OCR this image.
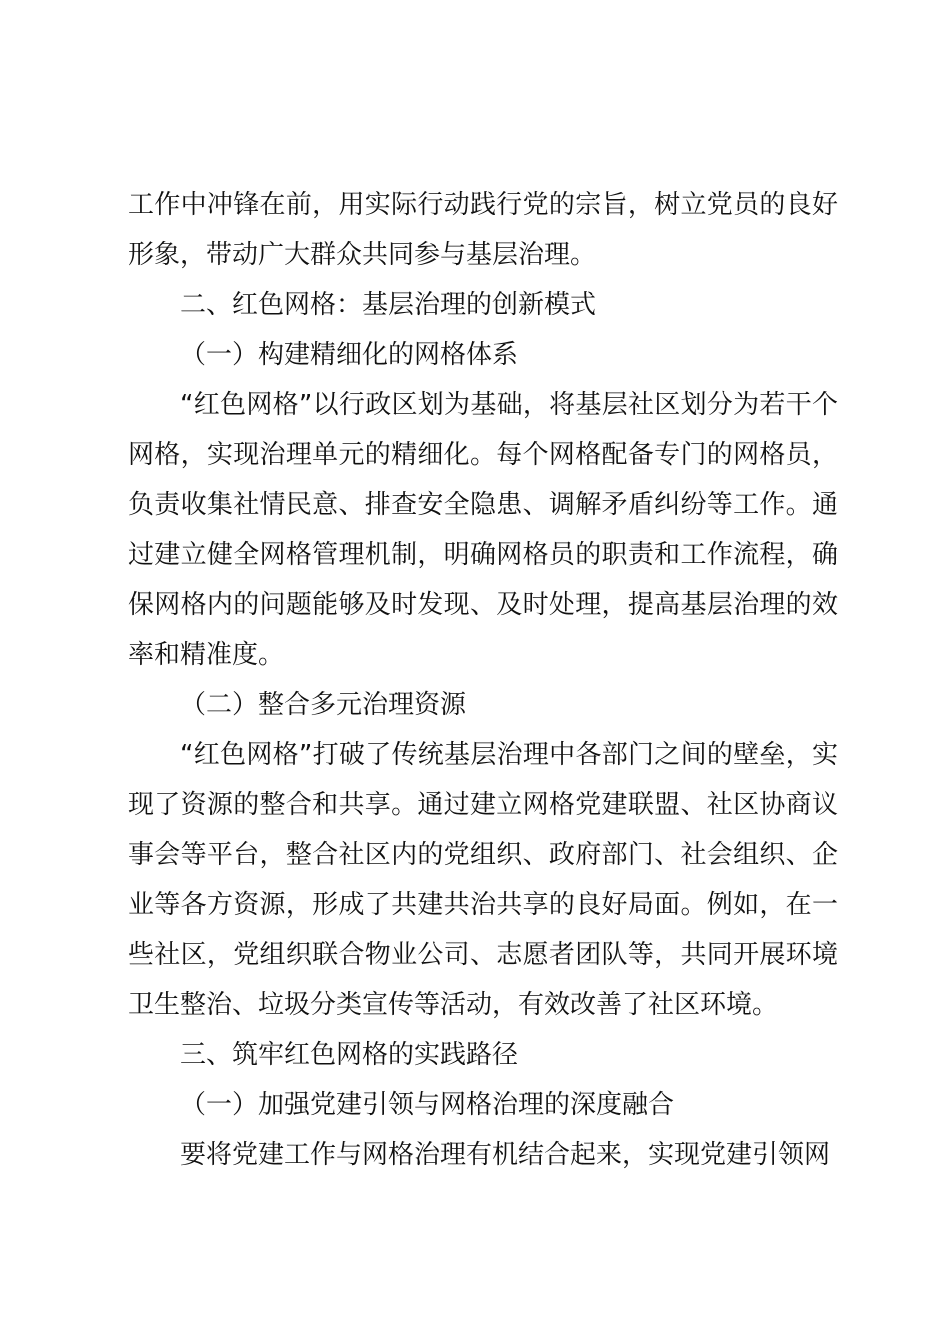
工作中冲锋在前，用实际行动践行党的宗旨，树立党员的良好形象，带动广大群众共同参与基层治理。

二、红色网格：基层治理的创新模式

（一）构建精细化的网格体系

“红色网格”以行政区划为基础，将基层社区划分为若干个网格，实现治理单元的精细化。每个网格配备专门的网格员，负责收集社情民意、排查安全隐患、调解矛盾纠纷等工作。通过建立健全网格管理机制，明确网格员的职责和工作流程，确保网格内的问题能够及时发现、及时处理，提高基层治理的效率和精准度。

（二）整合多元治理资源

“红色网格”打破了传统基层治理中各部门之间的壁垒，实现了资源的整合和共享。通过建立网格党建联盟、社区协商议事会等平台，整合社区内的党组织、政府部门、社会组织、企业等各方资源，形成了共建共治共享的良好局面。例如，在一些社区，党组织联合物业公司、志愿者团队等，共同开展环境卫生整治、垃圾分类宣传等活动，有效改善了社区环境。

三、筑牢红色网格的实践路径

（一）加强党建引领与网格治理的深度融合

要将党建工作与网格治理有机结合起来，实现党建引领网
